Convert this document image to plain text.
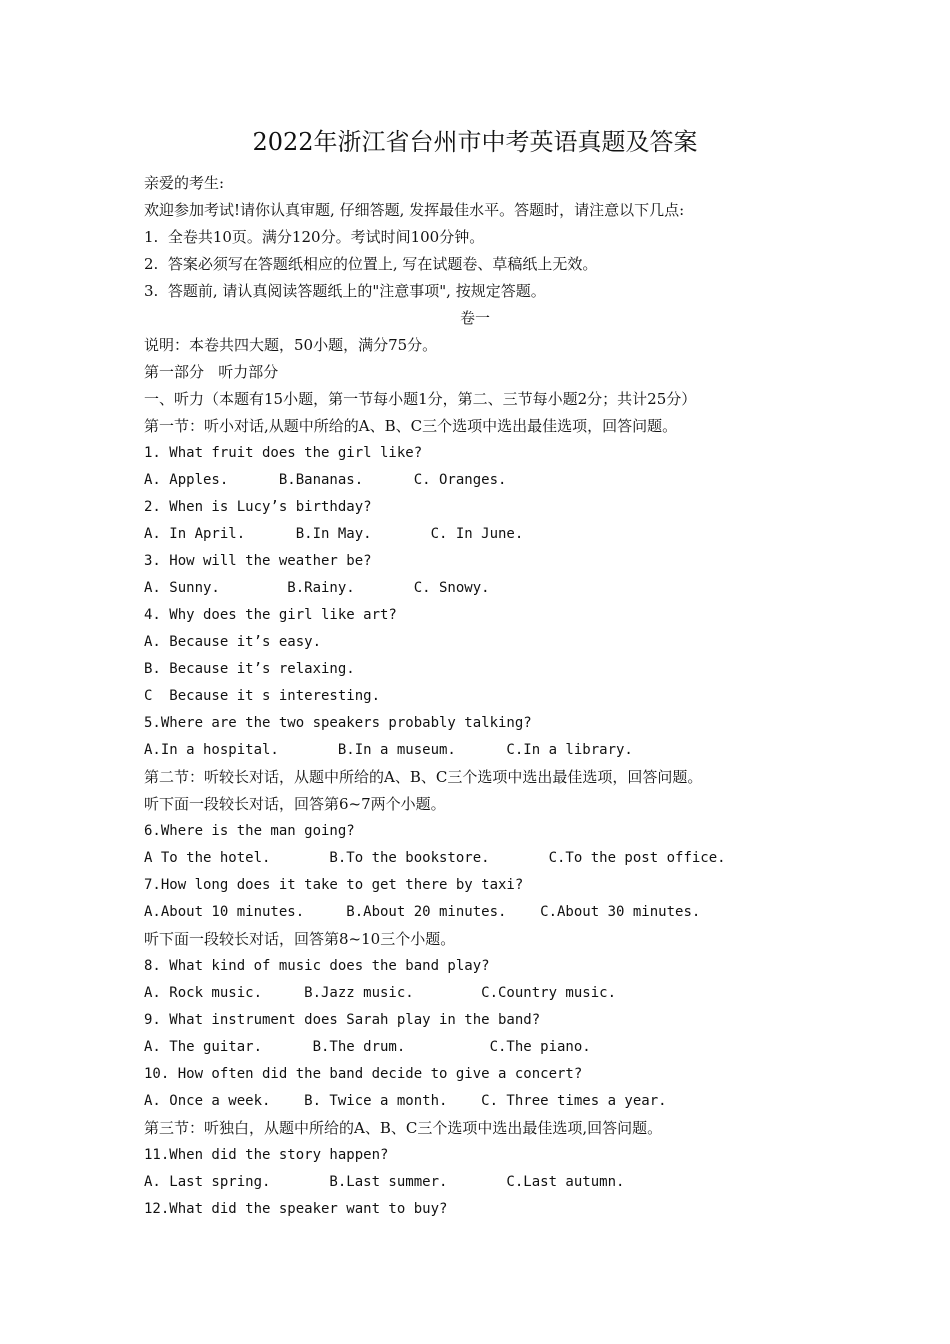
2022年浙江省台州市中考英语真题及答案
亲爱的考生:
欢迎参加考试!请你认真审题, 仔细答题, 发挥最佳水平。答题时，请注意以下几点:
1.  全卷共10页。满分120分。考试时间100分钟。
2.  答案必须写在答题纸相应的位置上, 写在试题卷、草稿纸上无效。
3.  答题前, 请认真阅读答题纸上的"注意事项", 按规定答题。
卷一
说明：本卷共四大题，50小题，满分75分。
第一部分   听力部分
一、听力（本题有15小题，第一节每小题1分，第二、三节每小题2分；共计25分）
第一节：听小对话,从题中所给的A、B、C三个选项中选出最佳选项，回答问题。
1. What fruit does the girl like?
A. Apples.      B.Bananas.      C. Oranges.
2. When is Lucy’s birthday?
A. In April.      B.In May.       C. In June.
3. How will the weather be?
A. Sunny.        B.Rainy.       C. Snowy.
4. Why does the girl like art?
A. Because it’s easy.
B. Because it’s relaxing.
C  Because it s interesting.
5.Where are the two speakers probably talking?
A.In a hospital.       B.In a museum.      C.In a library.
第二节：听较长对话，从题中所给的A、B、C三个选项中选出最佳选项，回答问题。
听下面一段较长对话，回答第6~7两个小题。
6.Where is the man going?
A To the hotel.       B.To the bookstore.       C.To the post office.
7.How long does it take to get there by taxi?
A.About 10 minutes.     B.About 20 minutes.    C.About 30 minutes.
听下面一段较长对话，回答第8~10三个小题。
8. What kind of music does the band play?
A. Rock music.     B.Jazz music.        C.Country music.
9. What instrument does Sarah play in the band?
A. The guitar.      B.The drum.          C.The piano.
10. How often did the band decide to give a concert?
A. Once a week.    B. Twice a month.    C. Three times a year.
第三节：听独白，从题中所给的A、B、C三个选项中选出最佳选项,回答问题。
11.When did the story happen?
A. Last spring.       B.Last summer.       C.Last autumn.
12.What did the speaker want to buy?
